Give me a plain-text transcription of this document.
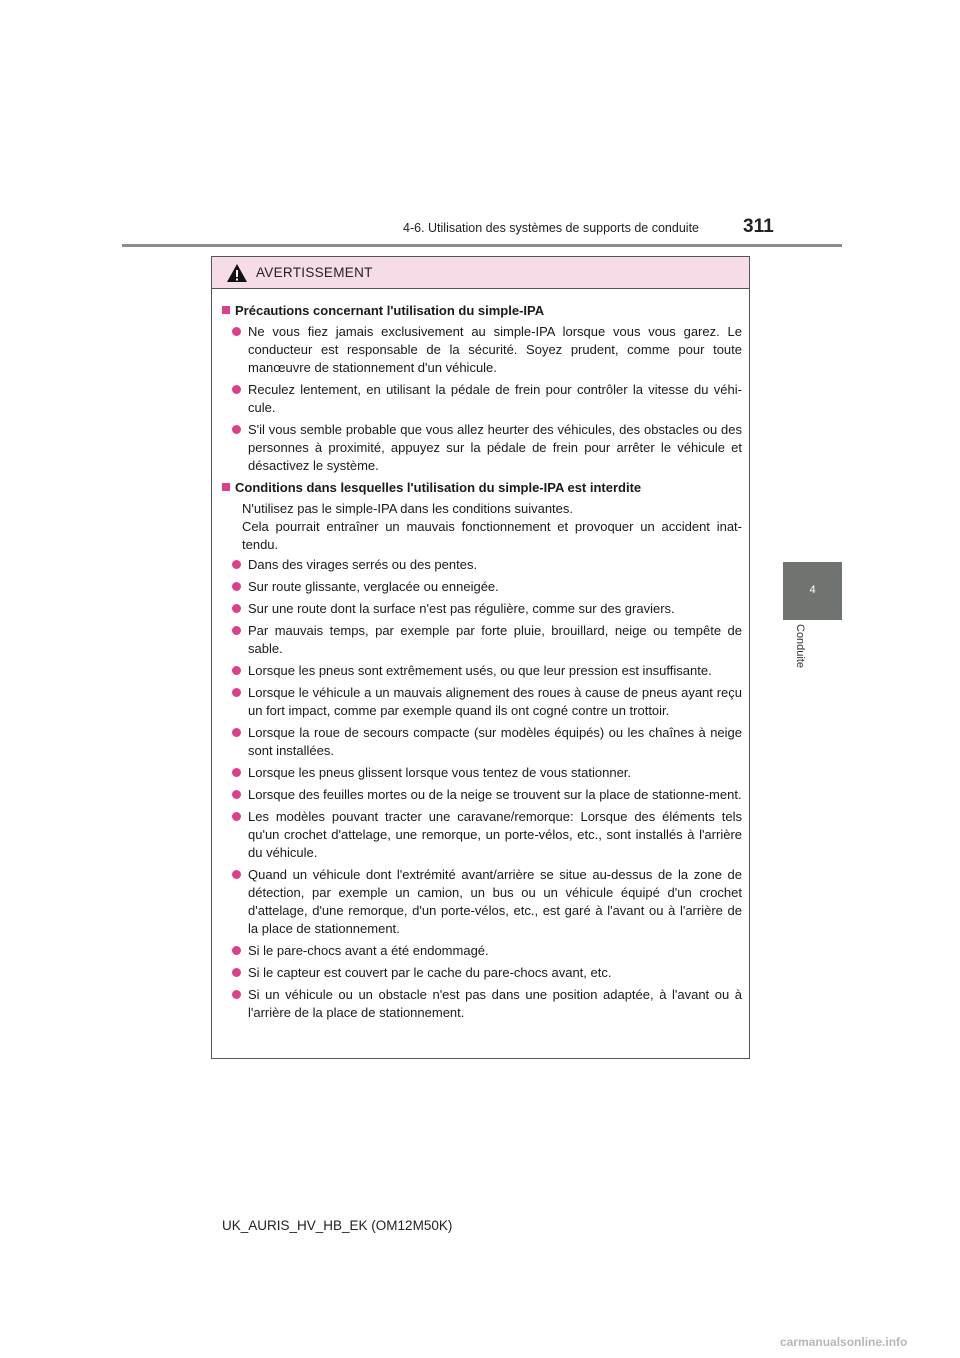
4-6. Utilisation des systèmes de supports de conduite 311
4
Conduite
AVERTISSEMENT
Précautions concernant l'utilisation du simple-IPA
Ne vous fiez jamais exclusivement au simple-IPA lorsque vous vous garez. Le conducteur est responsable de la sécurité. Soyez prudent, comme pour toute manœuvre de stationnement d'un véhicule.
Reculez lentement, en utilisant la pédale de frein pour contrôler la vitesse du véhi-cule.
S'il vous semble probable que vous allez heurter des véhicules, des obstacles ou des personnes à proximité, appuyez sur la pédale de frein pour arrêter le véhicule et désactivez le système.
Conditions dans lesquelles l'utilisation du simple-IPA est interdite
N'utilisez pas le simple-IPA dans les conditions suivantes.
Cela pourrait entraîner un mauvais fonctionnement et provoquer un accident inat-tendu.
Dans des virages serrés ou des pentes.
Sur route glissante, verglacée ou enneigée.
Sur une route dont la surface n'est pas régulière, comme sur des graviers.
Par mauvais temps, par exemple par forte pluie, brouillard, neige ou tempête de sable.
Lorsque les pneus sont extrêmement usés, ou que leur pression est insuffisante.
Lorsque le véhicule a un mauvais alignement des roues à cause de pneus ayant reçu un fort impact, comme par exemple quand ils ont cogné contre un trottoir.
Lorsque la roue de secours compacte (sur modèles équipés) ou les chaînes à neige sont installées.
Lorsque les pneus glissent lorsque vous tentez de vous stationner.
Lorsque des feuilles mortes ou de la neige se trouvent sur la place de stationne-ment.
Les modèles pouvant tracter une caravane/remorque: Lorsque des éléments tels qu'un crochet d'attelage, une remorque, un porte-vélos, etc., sont installés à l'arrière du véhicule.
Quand un véhicule dont l'extrémité avant/arrière se situe au-dessus de la zone de détection, par exemple un camion, un bus ou un véhicule équipé d'un crochet d'attelage, d'une remorque, d'un porte-vélos, etc., est garé à l'avant ou à l'arrière de la place de stationnement.
Si le pare-chocs avant a été endommagé.
Si le capteur est couvert par le cache du pare-chocs avant, etc.
Si un véhicule ou un obstacle n'est pas dans une position adaptée, à l'avant ou à l'arrière de la place de stationnement.
UK_AURIS_HV_HB_EK (OM12M50K)
carmanualsonline.info
